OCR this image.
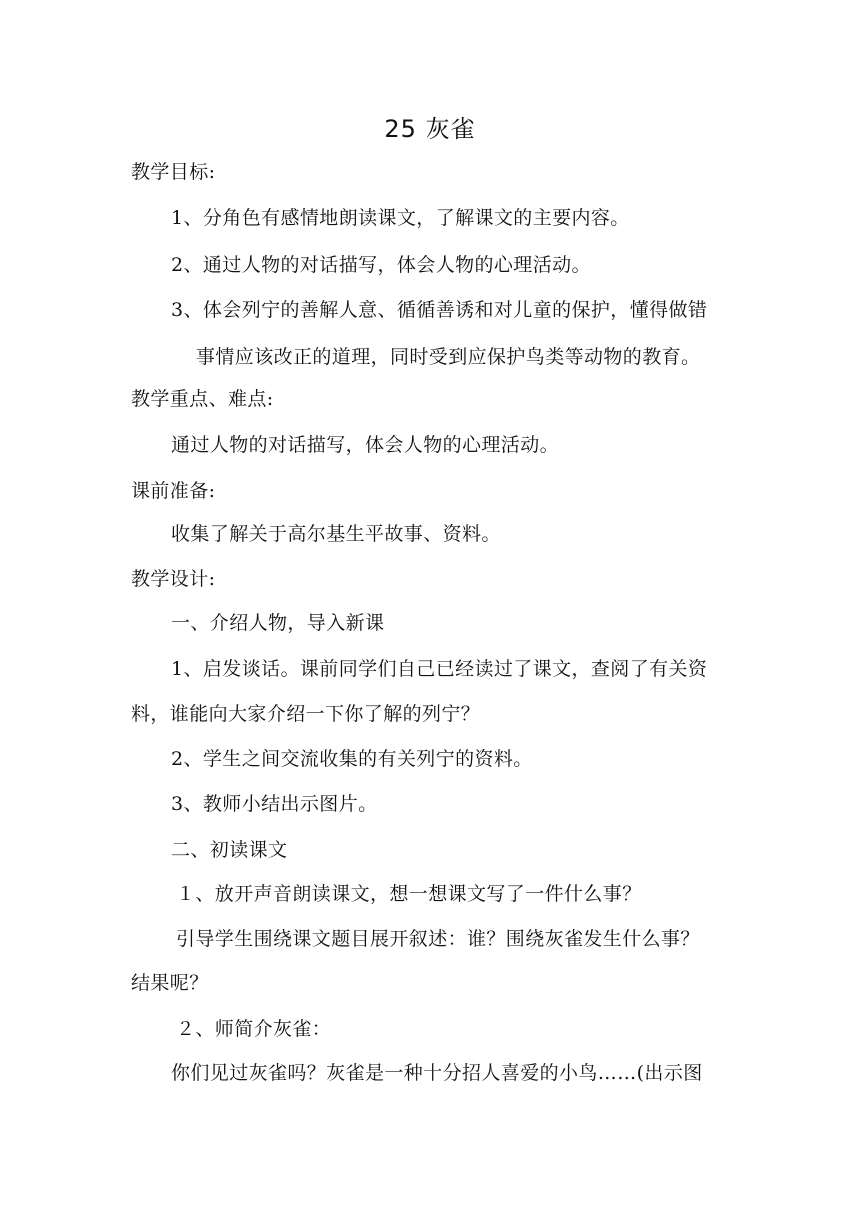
25 灰雀
教学目标:
1、分角色有感情地朗读课文，了解课文的主要内容。
2、通过人物的对话描写，体会人物的心理活动。
3、体会列宁的善解人意、循循善诱和对儿童的保护，懂得做错
事情应该改正的道理，同时受到应保护鸟类等动物的教育。
教学重点、难点:
通过人物的对话描写，体会人物的心理活动。
课前准备:
收集了解关于高尔基生平故事、资料。
教学设计:
一、介绍人物，导入新课
1、启发谈话。课前同学们自己已经读过了课文，查阅了有关资
料，谁能向大家介绍一下你了解的列宁？
2、学生之间交流收集的有关列宁的资料。
3、教师小结出示图片。
二、初读课文
１、放开声音朗读课文，想一想课文写了一件什么事？
引导学生围绕课文题目展开叙述：谁？围绕灰雀发生什么事？
结果呢？
２、师简介灰雀：
你们见过灰雀吗？灰雀是一种十分招人喜爱的小鸟……(出示图
